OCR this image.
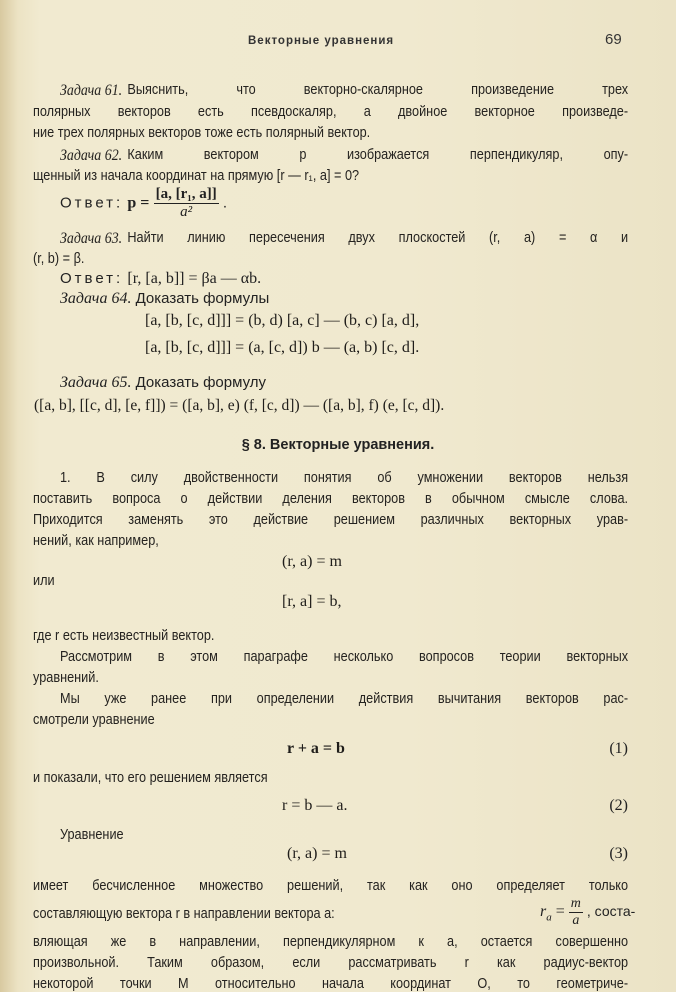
Векторные уравнения	69
Задача 61. Выяснить, что векторно-скалярное произведение трех
полярных векторов есть псевдоскаляр, а двойное векторное произведе-
ние трех полярных векторов тоже есть полярный вектор.
Задача 62. Каким вектором p изображается перпендикуляр, опу-
щенный из начала координат на прямую [r — r₁, a] = 0?
Ответ: $p = \frac{\text{[a, [r₁, a]]}}{\text{a²}}$ .
Задача 63. Найти линию пересечения двух плоскостей (r, a) = α и
(r, b) = β.
Ответ: [r, [a, b]] = βa — αb.
Задача 64. Доказать формулы
[a, [b, [c, d]]] = (b, d) [a, c] — (b, c) [a, d],
[a, [b, [c, d]]] = (a, [c, d]) b — (a, b) [c, d].
Задача 65. Доказать формулу
([a, b], [[c, d], [e, f]]) = ([a, b], e) (f, [c, d]) — ([a, b], f) (e, [c, d]).
§ 8. Векторные уравнения.
1. В силу двойственности понятия об умножении векторов нельзя
поставить вопроса о действии деления векторов в обычном смысле слова.
Приходится заменять это действие решением различных векторных урав-
нений, как например,
(r, a) = m
или
[r, a] = b,
где r есть неизвестный вектор.
Рассмотрим в этом параграфе несколько вопросов теории векторных
уравнений.
Мы уже ранее при определении действия вычитания векторов рас-
смотрели уравнение
r + a = b	(1)
и показали, что его решением является
r = b — a.	(2)
Уравнение
(r, a) = m	(3)
имеет бесчисленное множество решений, так как оно определяет только
составляющую вектора r в направлении вектора a:	$r_a = \frac{m}{a}$ , соста-
вляющая же в направлении, перпендикулярном к a, остается совершенно
произвольной. Таким образом, если рассматривать r как радиус-вектор
некоторой точки M относительно начала координат O, то геометриче-
